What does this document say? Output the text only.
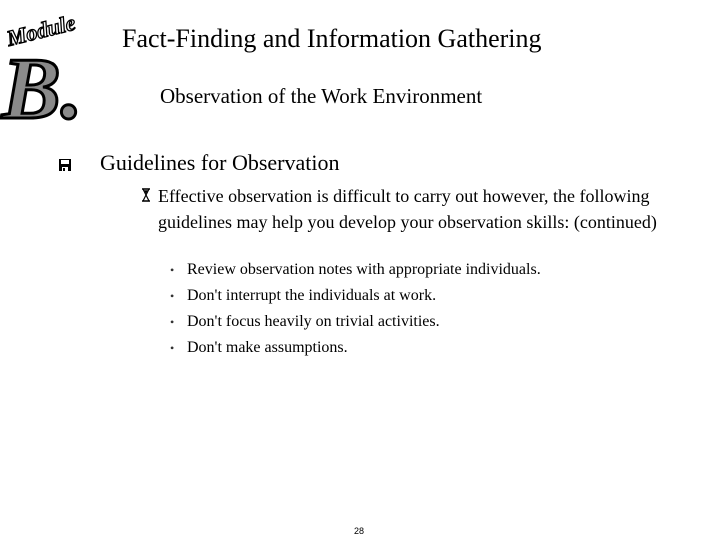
Module
B.
Fact-Finding and Information Gathering
Observation of the Work Environment
Guidelines for Observation
Effective observation is difficult to carry out however, the following guidelines may help you develop your observation skills: (continued)
• Review observation notes with appropriate individuals.
• Don't interrupt the individuals at work.
• Don't focus heavily on trivial activities.
• Don't make assumptions.
28
